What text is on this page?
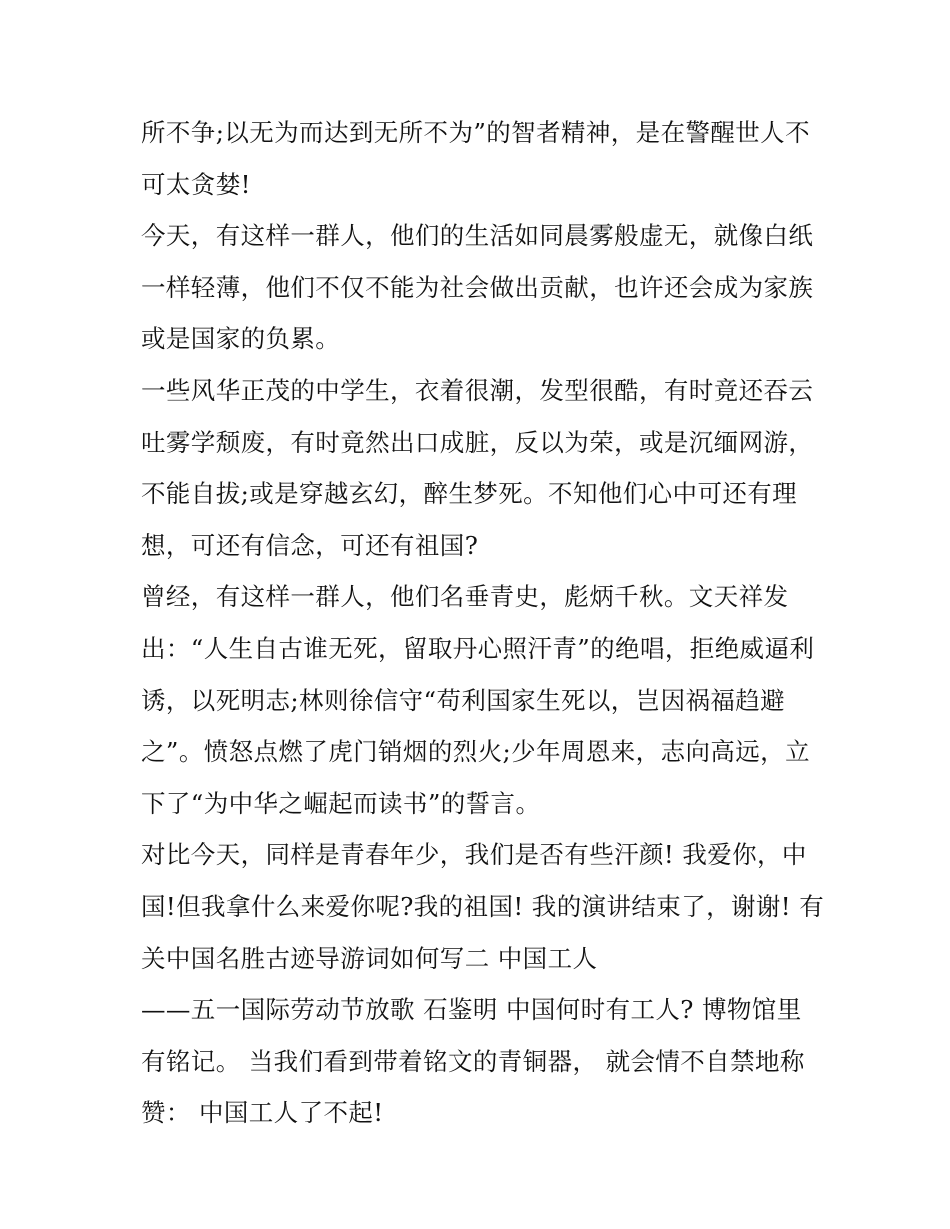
所不争;以无为而达到无所不为”的智者精神，是在警醒世人不
可太贪婪!
今天，有这样一群人，他们的生活如同晨雾般虚无，就像白纸
一样轻薄，他们不仅不能为社会做出贡献，也许还会成为家族
或是国家的负累。
一些风华正茂的中学生，衣着很潮，发型很酷，有时竟还吞云
吐雾学颓废，有时竟然出口成脏，反以为荣，或是沉缅网游，
不能自拔;或是穿越玄幻，醉生梦死。不知他们心中可还有理
想，可还有信念，可还有祖国?
曾经，有这样一群人，他们名垂青史，彪炳千秋。文天祥发
出：“人生自古谁无死，留取丹心照汗青”的绝唱，拒绝威逼利
诱，以死明志;林则徐信守“苟利国家生死以，岂因祸福趋避
之”。愤怒点燃了虎门销烟的烈火;少年周恩来，志向高远，立
下了“为中华之崛起而读书”的誓言。
对比今天，同样是青春年少，我们是否有些汗颜! 我爱你，中
国!但我拿什么来爱你呢?我的祖国! 我的演讲结束了，谢谢! 有
关中国名胜古迹导游词如何写二 中国工人
——五一国际劳动节放歌 石鉴明 中国何时有工人? 博物馆里
有铭记。 当我们看到带着铭文的青铜器， 就会情不自禁地称
赞： 中国工人了不起!
